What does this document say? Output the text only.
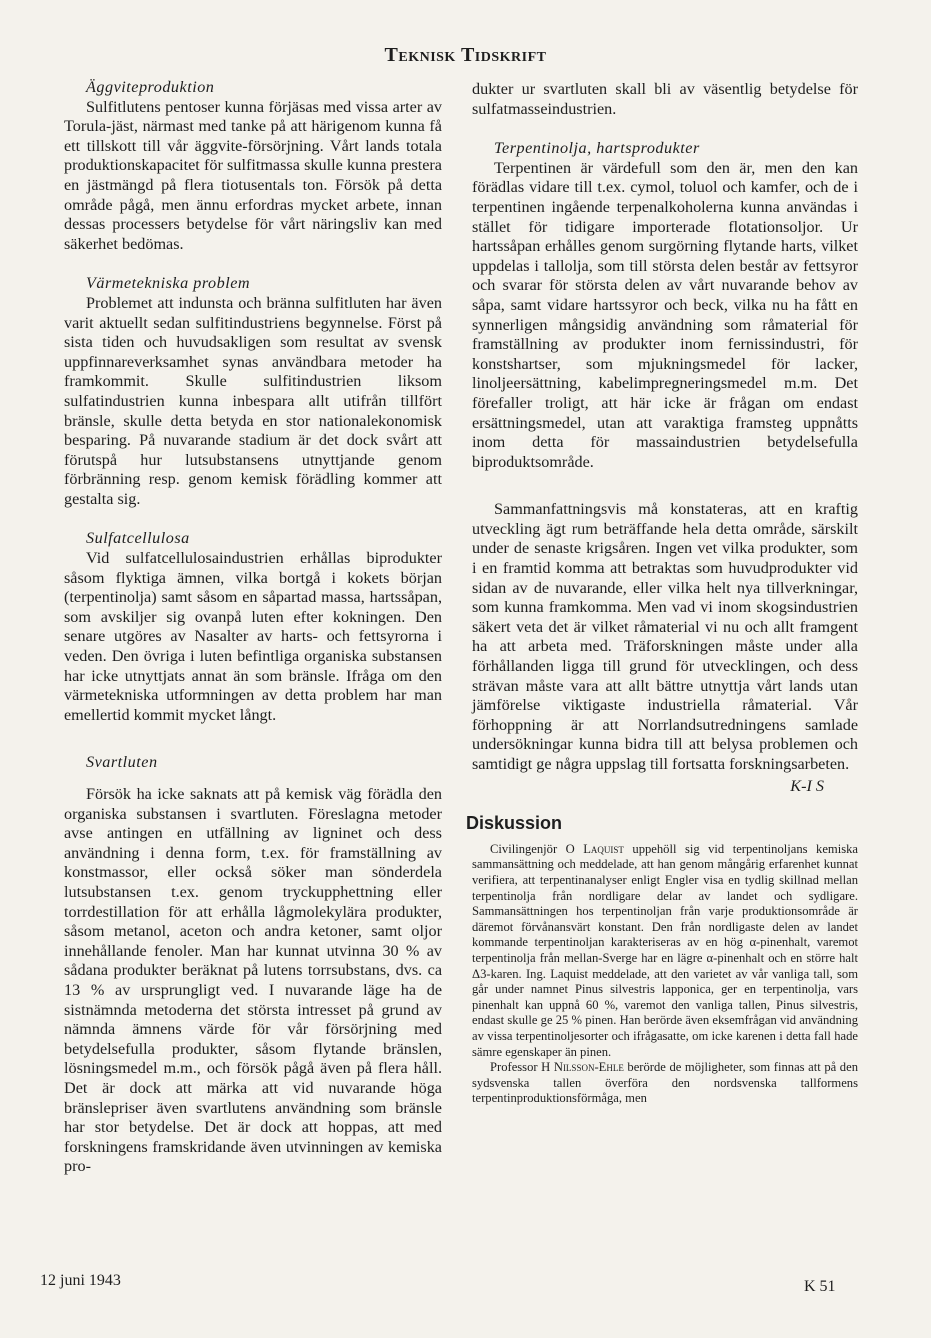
Teknisk Tidskrift
Äggviteproduktion

Sulfitlutens pentoser kunna förjäsas med vissa arter av Torula-jäst, närmast med tanke på att härigenom kunna få ett tillskott till vår äggvite-försörjning. Vårt lands totala produktionskapacitet för sulfitmassa skulle kunna prestera en jästmängd på flera tiotusentals ton. Försök på detta område pågå, men ännu erfordras mycket arbete, innan dessas processers betydelse för vårt näringsliv kan med säkerhet bedömas.

Värmetekniska problem

Problemet att indunsta och bränna sulfitluten har även varit aktuellt sedan sulfitindustriens begynnelse. Först på sista tiden och huvudsakligen som resultat av svensk uppfinnareverksamhet synas användbara metoder ha framkommit. Skulle sulfitindustrien liksom sulfatindustrien kunna inbespara allt utifrån tillfört bränsle, skulle detta betyda en stor nationalekonomisk besparing. På nuvarande stadium är det dock svårt att förutspå hur lutsubstansens utnyttjande genom förbränning resp. genom kemisk förädling kommer att gestalta sig.

Sulfatcellulosa

Vid sulfatcellulosaindustrien erhållas biprodukter såsom flyktiga ämnen, vilka bortgå i kokets början (terpentinolja) samt såsom en såpartad massa, hartssåpan, som avskiljer sig ovanpå luten efter kokningen. Den senare utgöres av Nasalter av harts- och fettsyrorna i veden. Den övriga i luten befintliga organiska substansen har icke utnyttjats annat än som bränsle. Ifråga om den värmetekniska utformningen av detta problem har man emellertid kommit mycket långt.

Svartluten

Försök ha icke saknats att på kemisk väg förädla den organiska substansen i svartluten. Föreslagna metoder avse antingen en utfällning av ligninet och dess användning i denna form, t.ex. för framställning av konstmassor, eller också söker man sönderdela lutsubstansen t.ex. genom tryckupphettning eller torrdestillation för att erhålla lågmolekylära produkter, såsom metanol, aceton och andra ketoner, samt oljor innehållande fenoler. Man har kunnat utvinna 30 % av sådana produkter beräknat på lutens torrsubstans, dvs. ca 13 % av ursprungligt ved. I nuvarande läge ha de sistnämnda metoderna det största intresset på grund av nämnda ämnens värde för vår försörjning med betydelsefulla produkter, såsom flytande bränslen, lösningsmedel m.m., och försök pågå även på flera håll. Det är dock att märka att vid nuvarande höga bränslepriser även svartlutens användning som bränsle har stor betydelse. Det är dock att hoppas, att med forskningens framskridande även utvinningen av kemiska pro-

dukter ur svartluten skall bli av väsentlig betydelse för sulfatmasseindustrien.

Terpentinolja, hartsprodukter

Terpentinen är värdefull som den är, men den kan förädlas vidare till t.ex. cymol, toluol och kamfer, och de i terpentinen ingående terpenalkoholerna kunna användas i stället för tidigare importerade flotationsoljor. Ur hartssåpan erhålles genom surgörning flytande harts, vilket uppdelas i tallolja, som till största delen består av fettsyror och svarar för största delen av vårt nuvarande behov av såpa, samt vidare hartssyror och beck, vilka nu ha fått en synnerligen mångsidig användning som råmaterial för framställning av produkter inom fernissindustri, för konstshartser, som mjukningsmedel för lacker, linoljeersättning, kabelimpregneringsmedel m.m. Det förefaller troligt, att här icke är frågan om endast ersättningsmedel, utan att varaktiga framsteg uppnåtts inom detta för massaindustrien betydelsefulla biproduktsområde.

Sammanfattningsvis må konstateras, att en kraftig utveckling ägt rum beträffande hela detta område, särskilt under de senaste krigsåren. Ingen vet vilka produkter, som i en framtid komma att betraktas som huvudprodukter vid sidan av de nuvarande, eller vilka helt nya tillverkningar, som kunna framkomma. Men vad vi inom skogsindustrien säkert veta det är vilket råmaterial vi nu och allt framgent ha att arbeta med. Träforskningen måste under alla förhållanden ligga till grund för utvecklingen, och dess strävan måste vara att allt bättre utnyttja vårt lands utan jämförelse viktigaste industriella råmaterial. Vår förhoppning är att Norrlandsutredningens samlade undersökningar kunna bidra till att belysa problemen och samtidigt ge några uppslag till fortsatta forskningsarbeten.

K-I S
Diskussion

Civilingenjör O Laquist uppehöll sig vid terpentinoljans kemiska sammansättning och meddelade, att han genom mångårig erfarenhet kunnat verifiera, att terpentinanalyser enligt Engler visa en tydlig skillnad mellan terpentinolja från nordligare delar av landet och sydligare. Sammansättningen hos terpentinoljan från varje produktionsområde är däremot förvånansvärt konstant. Den från nordligaste delen av landet kommande terpentinoljan karakteriseras av en hög α-pinenhalt, varemot terpentinolja från mellan-Sverge har en lägre α-pinenhalt och en större halt Δ3-karen. Ing. Laquist meddelade, att den varietet av vår vanliga tall, som går under namnet Pinus silvestris lapponica, ger en terpentinolja, vars pinenhalt kan uppnå 60 %, varemot den vanliga tallen, Pinus silvestris, endast skulle ge 25 % pinen. Han berörde även eksemfrågan vid användning av vissa terpentinoljesorter och ifrågasatte, om icke karenen i detta fall hade sämre egenskaper än pinen.

Professor H Nilsson-Ehle berörde de möjligheter, som finnas att på den sydsvenska tallen överföra den nordsvenska tallformens terpentinproduktionsförmåga, men

12 juni 1943	K 51
